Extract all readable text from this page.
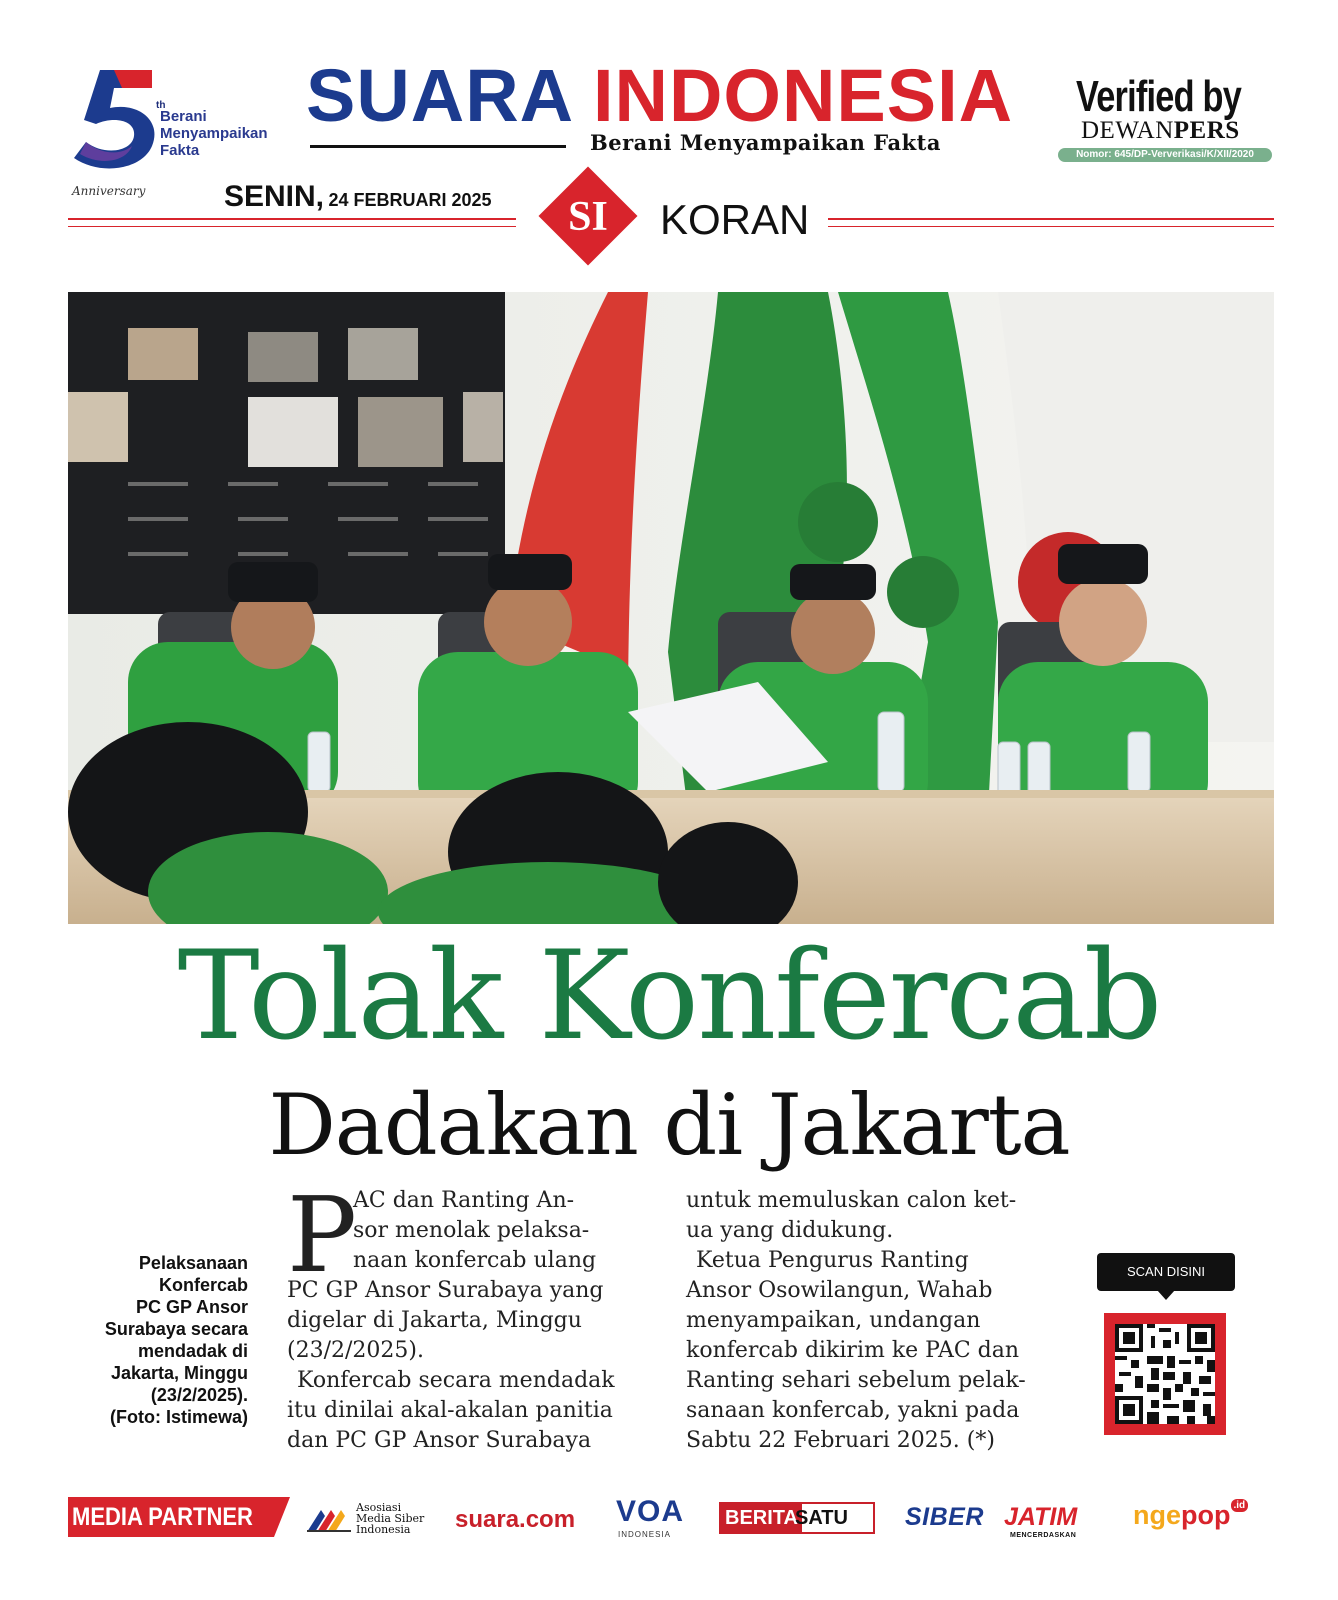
th
Berani
Menyampaikan
Fakta
Anniversary
SUARA INDONESIA
Berani Menyampaikan Fakta
Verified by
DEWANPERS
Nomor: 645/DP-Ververikasi/K/XII/2020
SENIN, 24 FEBRUARI 2025	SI	KORAN
Tolak Konfercab
Dadakan di Jakarta
Pelaksanaan
Konfercab
PC GP Ansor
Surabaya secara
mendadak di
Jakarta, Minggu
(23/2/2025).
(Foto: Istimewa)
P
AC dan Ranting An-
sor menolak pelaksa-
naan konfercab ulang
PC GP Ansor Surabaya yang
digelar di Jakarta, Minggu
(23/2/2025).
Konfercab secara mendadak
itu dinilai akal-akalan panitia
dan PC GP Ansor Surabaya
untuk memuluskan calon ket-
ua yang didukung.
Ketua Pengurus Ranting
Ansor Osowilangun, Wahab
menyampaikan, undangan
konfercab dikirim ke PAC dan
Ranting sehari sebelum pelak-
sanaan konfercab, yakni pada
Sabtu 22 Februari 2025. (*)
SCAN DISINI
MEDIA PARTNER	Asosiasi
Media Siber
Indonesia	suara.com VOA
INDONESIA
BERITA
SATU SIBER JATIM
MENCERDASKAN
ngepop $^{.id}$
